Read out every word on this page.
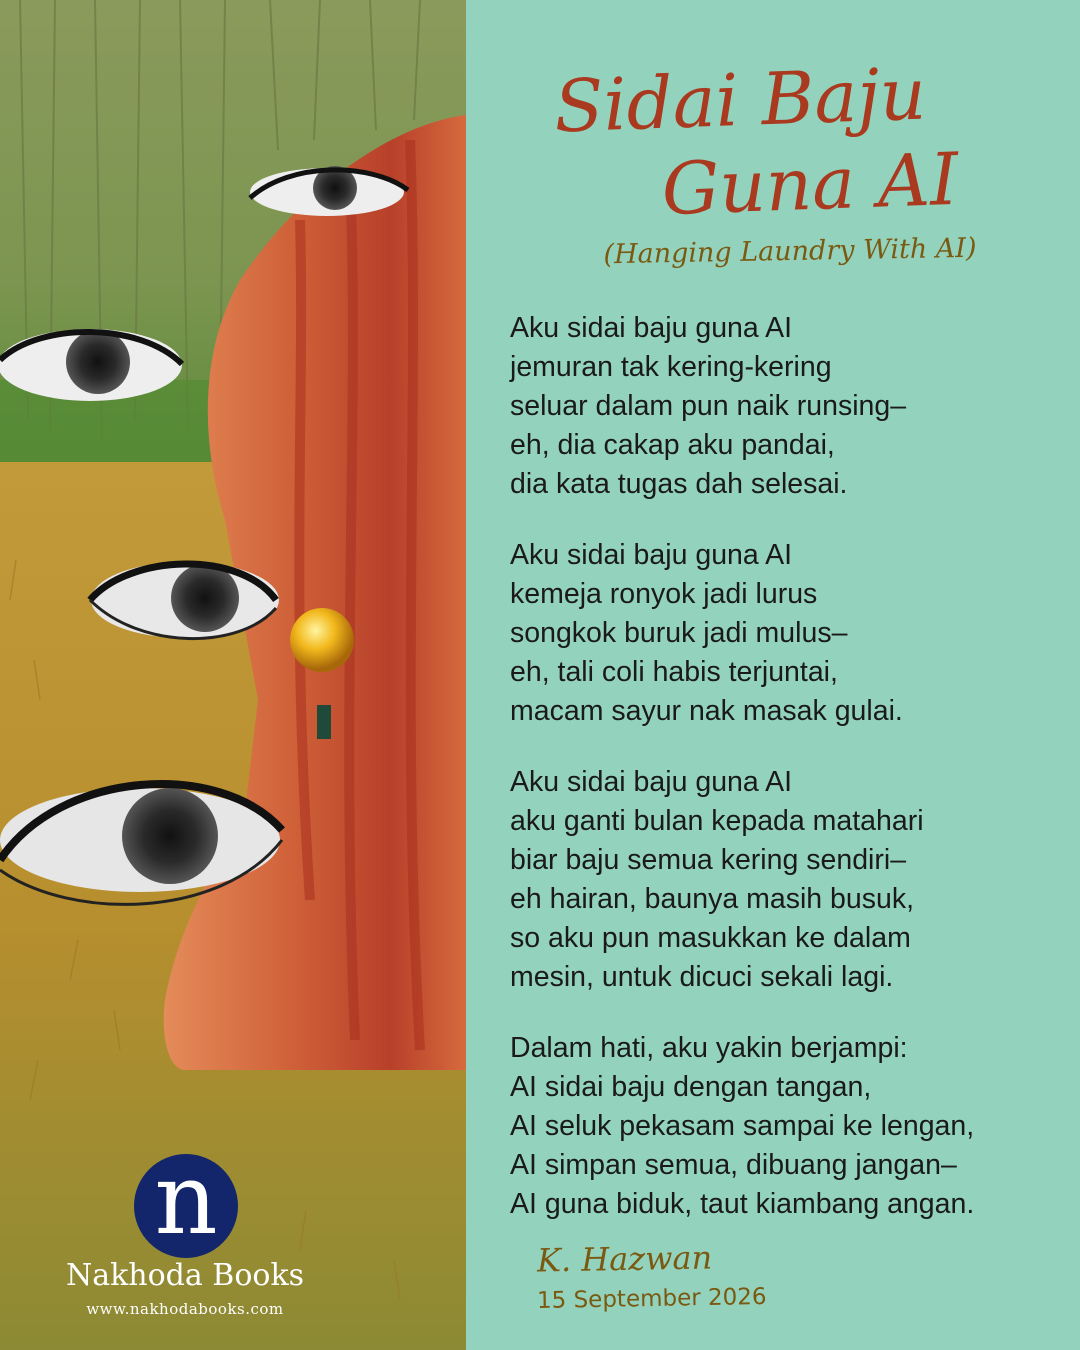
n
Nakhoda Books
www.nakhodabooks.com
Sidai Baju
Guna AI
(Hanging Laundry With AI)
Aku sidai baju guna AI
jemuran tak kering-kering
seluar dalam pun naik runsing–
eh, dia cakap aku pandai,
dia kata tugas dah selesai.
Aku sidai baju guna AI
kemeja ronyok jadi lurus
songkok buruk jadi mulus–
eh, tali coli habis terjuntai,
macam sayur nak masak gulai.
Aku sidai baju guna AI
aku ganti bulan kepada matahari
biar baju semua kering sendiri–
eh hairan, baunya masih busuk,
so aku pun masukkan ke dalam
mesin, untuk dicuci sekali lagi.
Dalam hati, aku yakin berjampi:
AI sidai baju dengan tangan,
AI seluk pekasam sampai ke lengan,
AI simpan semua, dibuang jangan–
AI guna biduk, taut kiambang angan.
K. Hazwan
15 September 2026
